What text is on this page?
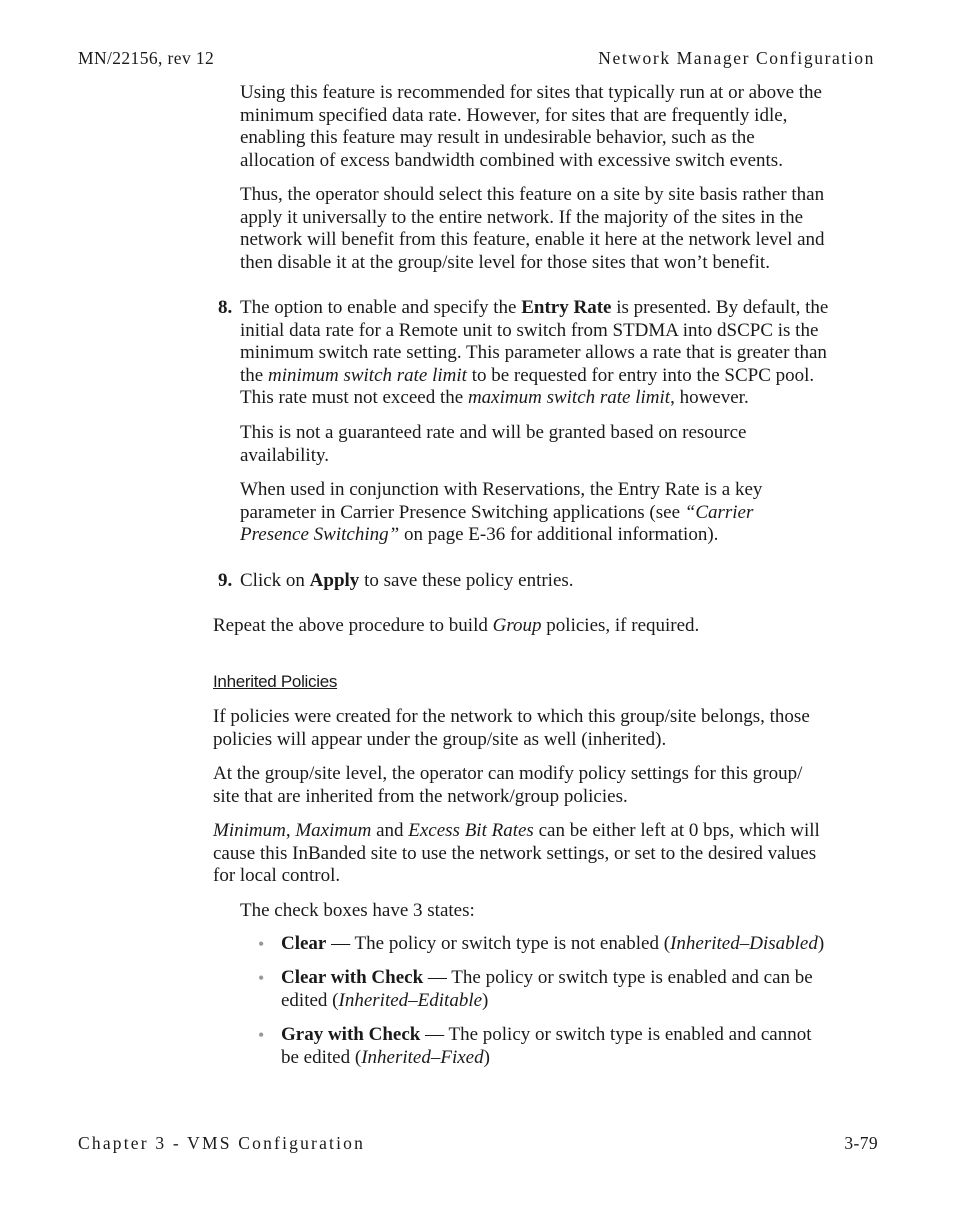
MN/22156, rev 12	Network Manager Configuration
Using this feature is recommended for sites that typically run at or above the
minimum specified data rate. However, for sites that are frequently idle,
enabling this feature may result in undesirable behavior, such as the
allocation of excess bandwidth combined with excessive switch events.
Thus, the operator should select this feature on a site by site basis rather than
apply it universally to the entire network. If the majority of the sites in the
network will benefit from this feature, enable it here at the network level and
then disable it at the group/site level for those sites that won’t benefit.
8. The option to enable and specify the Entry Rate is presented. By default, the
initial data rate for a Remote unit to switch from STDMA into dSCPC is the
minimum switch rate setting. This parameter allows a rate that is greater than
the minimum switch rate limit to be requested for entry into the SCPC pool.
This rate must not exceed the maximum switch rate limit, however.
This is not a guaranteed rate and will be granted based on resource
availability.
When used in conjunction with Reservations, the Entry Rate is a key
parameter in Carrier Presence Switching applications (see “Carrier
Presence Switching” on page E-36 for additional information).
9. Click on Apply to save these policy entries.
Repeat the above procedure to build Group policies, if required.
Inherited Policies
If policies were created for the network to which this group/site belongs, those
policies will appear under the group/site as well (inherited).
At the group/site level, the operator can modify policy settings for this group/
site that are inherited from the network/group policies.
Minimum, Maximum and Excess Bit Rates can be either left at 0 bps, which will
cause this InBanded site to use the network settings, or set to the desired values
for local control.
The check boxes have 3 states:
• Clear — The policy or switch type is not enabled (Inherited–Disabled)
• Clear with Check — The policy or switch type is enabled and can be
edited (Inherited–Editable)
• Gray with Check — The policy or switch type is enabled and cannot
be edited (Inherited–Fixed)
Chapter 3 - VMS Configuration	3-79
